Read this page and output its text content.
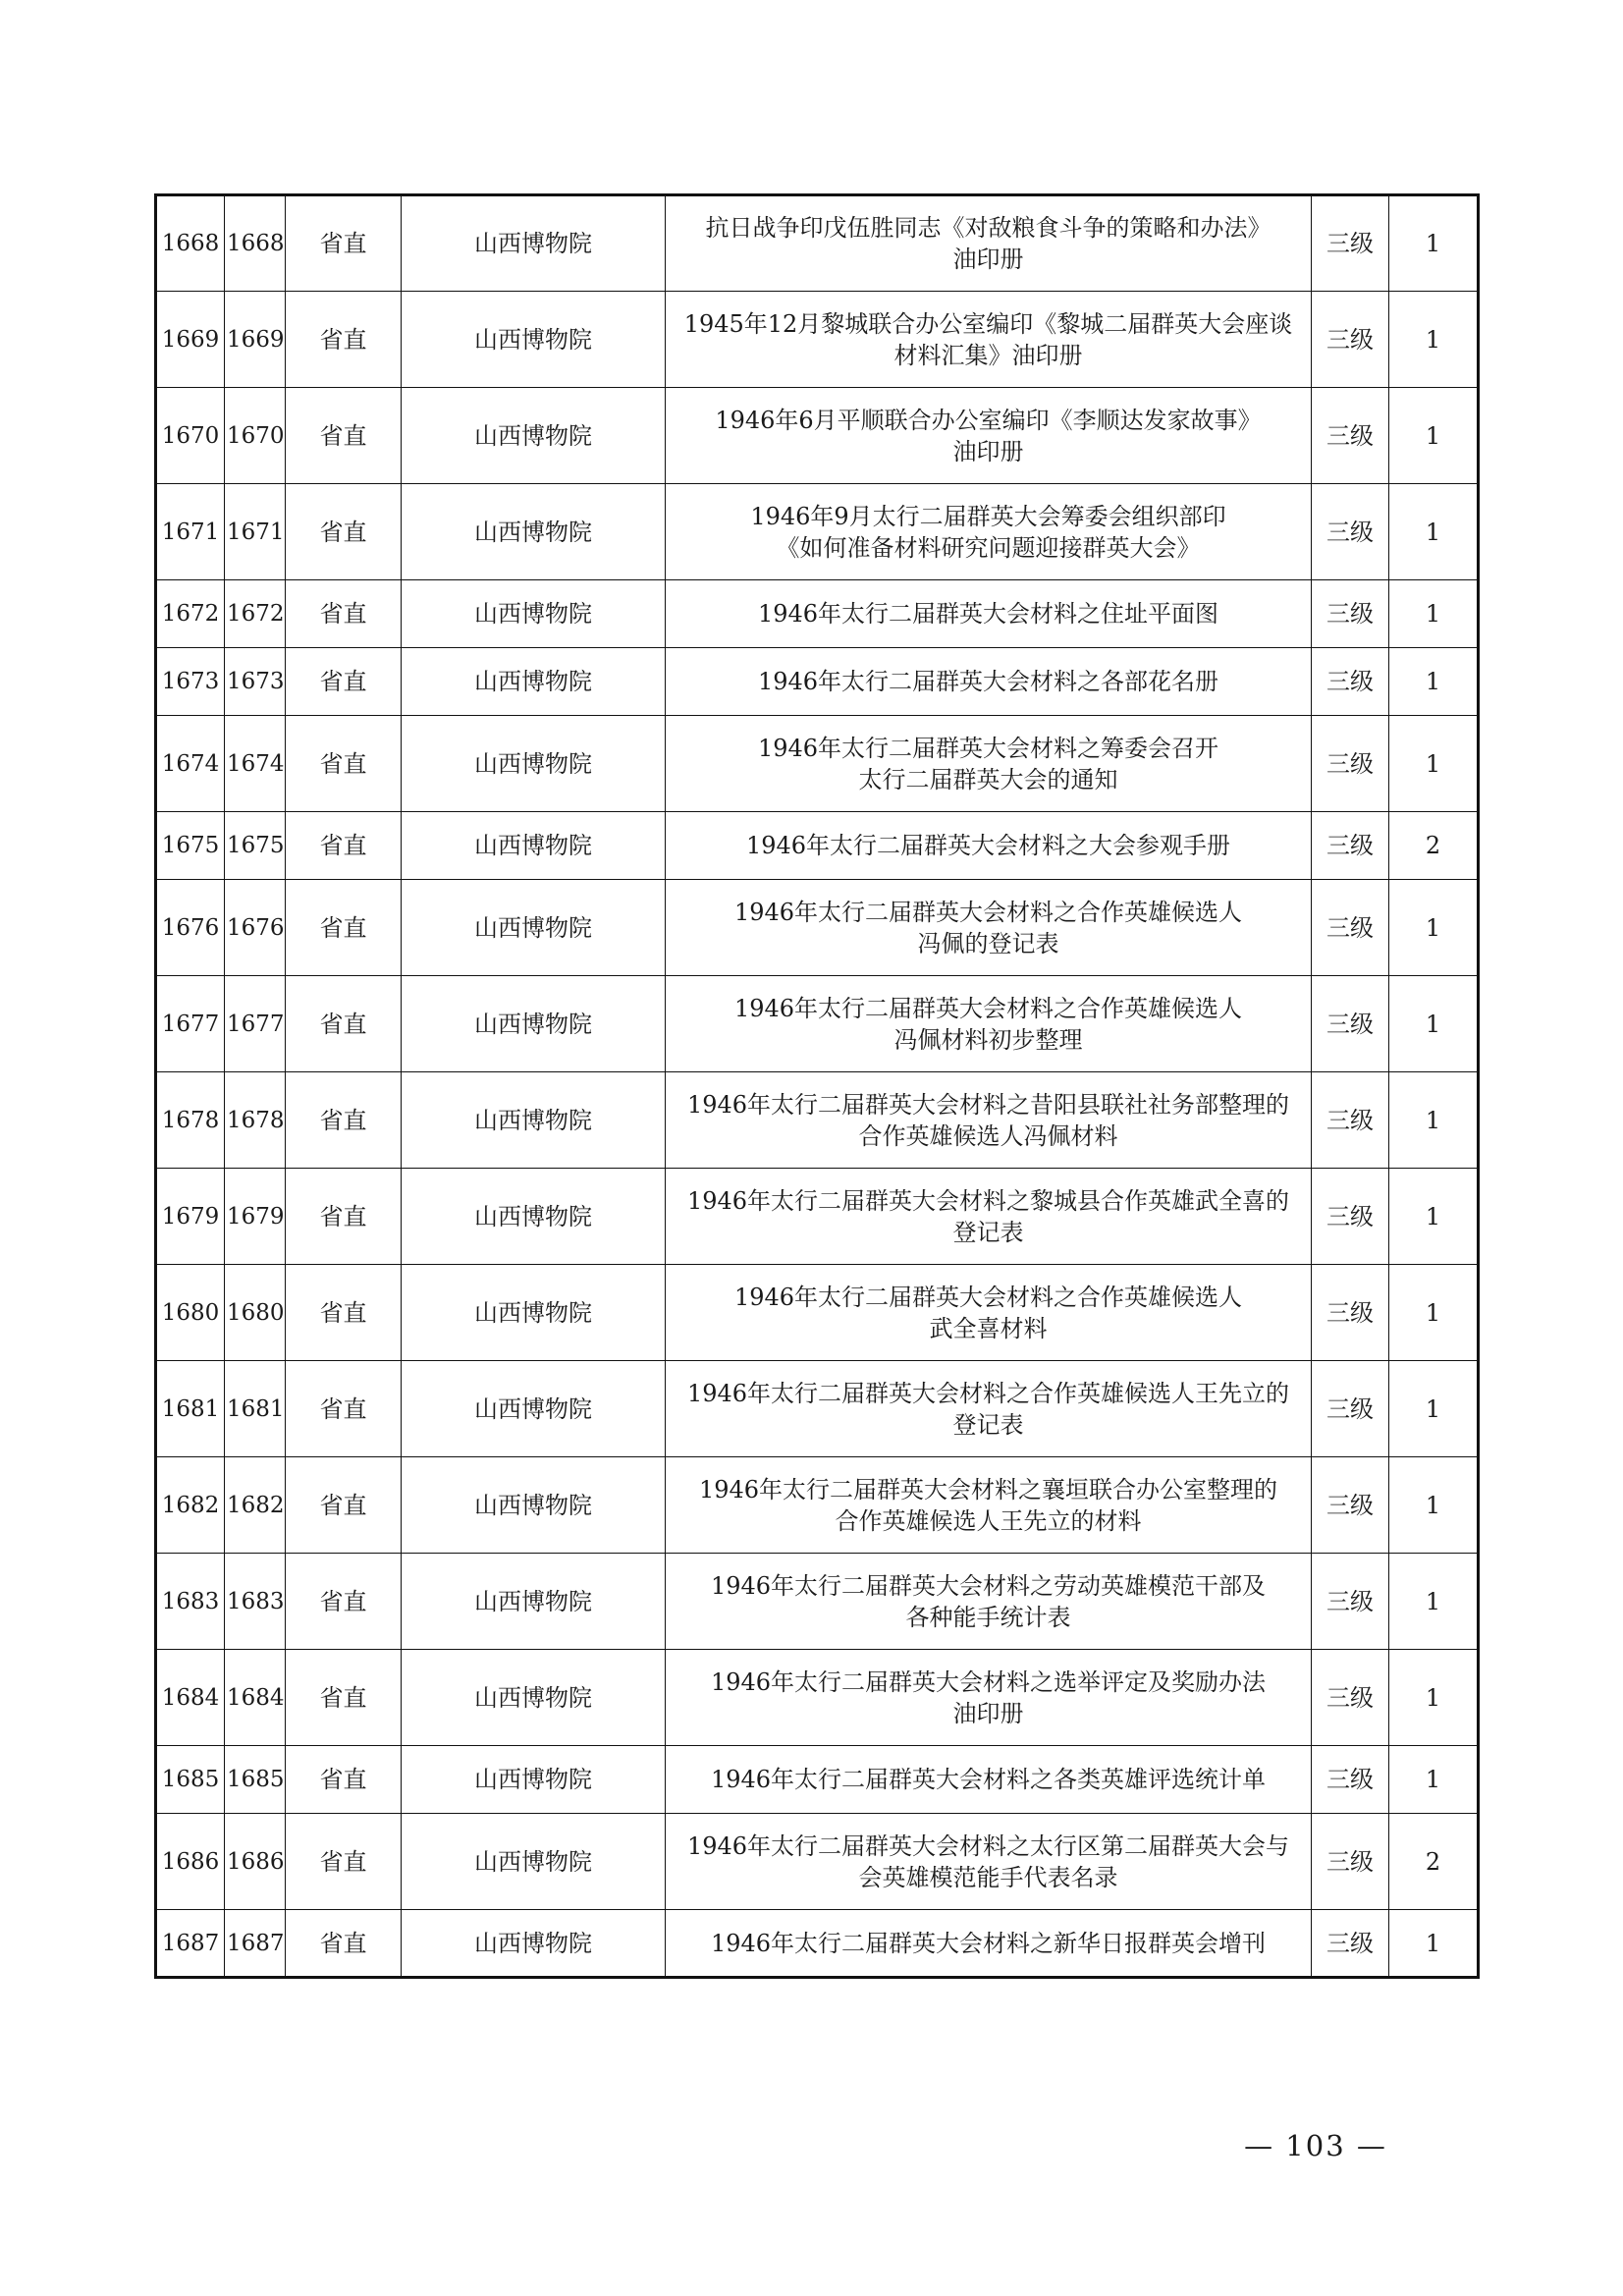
1668	1668	省直	山西博物院	抗日战争印戊伍胜同志《对敌粮食斗争的策略和办法》
油印册	三级	1
1669	1669	省直	山西博物院	1945年12月黎城联合办公室编印《黎城二届群英大会座谈
材料汇集》油印册	三级	1
1670	1670	省直	山西博物院	1946年6月平顺联合办公室编印《李顺达发家故事》
油印册	三级	1
1671	1671	省直	山西博物院	1946年9月太行二届群英大会筹委会组织部印
《如何准备材料研究问题迎接群英大会》	三级	1
1672	1672	省直	山西博物院	1946年太行二届群英大会材料之住址平面图	三级	1
1673	1673	省直	山西博物院	1946年太行二届群英大会材料之各部花名册	三级	1
1674	1674	省直	山西博物院	1946年太行二届群英大会材料之筹委会召开
太行二届群英大会的通知	三级	1
1675	1675	省直	山西博物院	1946年太行二届群英大会材料之大会参观手册	三级	2
1676	1676	省直	山西博物院	1946年太行二届群英大会材料之合作英雄候选人
冯佩的登记表	三级	1
1677	1677	省直	山西博物院	1946年太行二届群英大会材料之合作英雄候选人
冯佩材料初步整理	三级	1
1678	1678	省直	山西博物院	1946年太行二届群英大会材料之昔阳县联社社务部整理的
合作英雄候选人冯佩材料	三级	1
1679	1679	省直	山西博物院	1946年太行二届群英大会材料之黎城县合作英雄武全喜的
登记表	三级	1
1680	1680	省直	山西博物院	1946年太行二届群英大会材料之合作英雄候选人
武全喜材料	三级	1
1681	1681	省直	山西博物院	1946年太行二届群英大会材料之合作英雄候选人王先立的
登记表	三级	1
1682	1682	省直	山西博物院	1946年太行二届群英大会材料之襄垣联合办公室整理的
合作英雄候选人王先立的材料	三级	1
1683	1683	省直	山西博物院	1946年太行二届群英大会材料之劳动英雄模范干部及
各种能手统计表	三级	1
1684	1684	省直	山西博物院	1946年太行二届群英大会材料之选举评定及奖励办法
油印册	三级	1
1685	1685	省直	山西博物院	1946年太行二届群英大会材料之各类英雄评选统计单	三级	1
1686	1686	省直	山西博物院	1946年太行二届群英大会材料之太行区第二届群英大会与
会英雄模范能手代表名录	三级	2
1687	1687	省直	山西博物院	1946年太行二届群英大会材料之新华日报群英会增刊	三级	1
— 103 —
